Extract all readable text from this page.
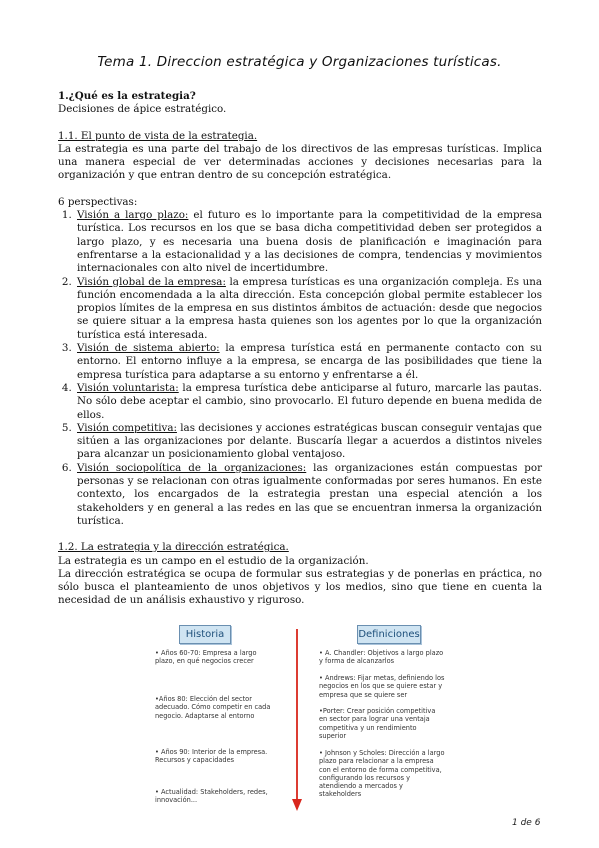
Tema 1. Direccion estratégica y Organizaciones turísticas.

1.¿Qué es la estrategia?

Decisiones de ápice estratégico.

1.1. El punto de vista de la estrategia.

La estrategia es una parte del trabajo de los directivos de las empresas turísticas. Implica una manera especial de ver determinadas acciones y decisiones necesarias para la organización y que entran dentro de su concepción estratégica.

6 perspectivas:

1. Visión a largo plazo: el futuro es lo importante para la competitividad de la empresa turística. Los recursos en los que se basa dicha competitividad deben ser protegidos a largo plazo, y es necesaria una buena dosis de planificación e imaginación para enfrentarse a la estacionalidad y a las decisiones de compra, tendencias y movimientos internacionales con alto nivel de incertidumbre.
2. Visión global de la empresa: la empresa turísticas es una organización compleja. Es una función encomendada a la alta dirección. Esta concepción global permite establecer los propios límites de la empresa en sus distintos ámbitos de actuación: desde que negocios se quiere situar a la empresa hasta quienes son los agentes por lo que la organización turística está interesada.
3. Visión de sistema abierto: la empresa turística está en permanente contacto con su entorno. El entorno influye a la empresa, se encarga de las posibilidades que tiene la empresa turística para adaptarse a su entorno y enfrentarse a él.
4. Visión voluntarista: la empresa turística debe anticiparse al futuro, marcarle las pautas. No sólo debe aceptar el cambio, sino provocarlo. El futuro depende en buena medida de ellos.
5. Visión competitiva: las decisiones y acciones estratégicas buscan conseguir ventajas que sitúen a las organizaciones por delante. Buscaría llegar a acuerdos a distintos niveles para alcanzar un posicionamiento global ventajoso.
6. Visión sociopolítica de la organizaciones: las organizaciones están compuestas por personas y se relacionan con otras igualmente conformadas por seres humanos. En este contexto, los encargados de la estrategia prestan una especial atención a los stakeholders y en general a las redes en las que se encuentran inmersa la organización turística.

1.2. La estrategia y la dirección estratégica.

La estrategia es un campo en el estudio de la organización.

La dirección estratégica se ocupa de formular sus estrategias y de ponerlas en práctica, no sólo busca el planteamiento de unos objetivos y los medios, sino que tiene en cuenta la necesidad de un análisis exhaustivo y riguroso.

Historia	Definiciones
• Años 60-70: Empresa a largo plazo, en qué negocios crecer
•Años 80: Elección del sector adecuado. Cómo competir en cada negocio. Adaptarse al entorno
• Años 90: Interior de la empresa. Recursos y capacidades
• Actualidad: Stakeholders, redes, innovación...
• A. Chandler: Objetivos a largo plazo y forma de alcanzarlos
• Andrews: Fijar metas, definiendo los negocios en los que se quiere estar y empresa que se quiere ser
•Porter: Crear posición competitiva en sector para lograr una ventaja competitiva y un rendimiento superior
• Johnson y Scholes: Dirección a largo plazo para relacionar a la empresa con el entorno de forma competitiva, configurando los recursos y atendiendo a mercados y stakeholders
1 de 6
